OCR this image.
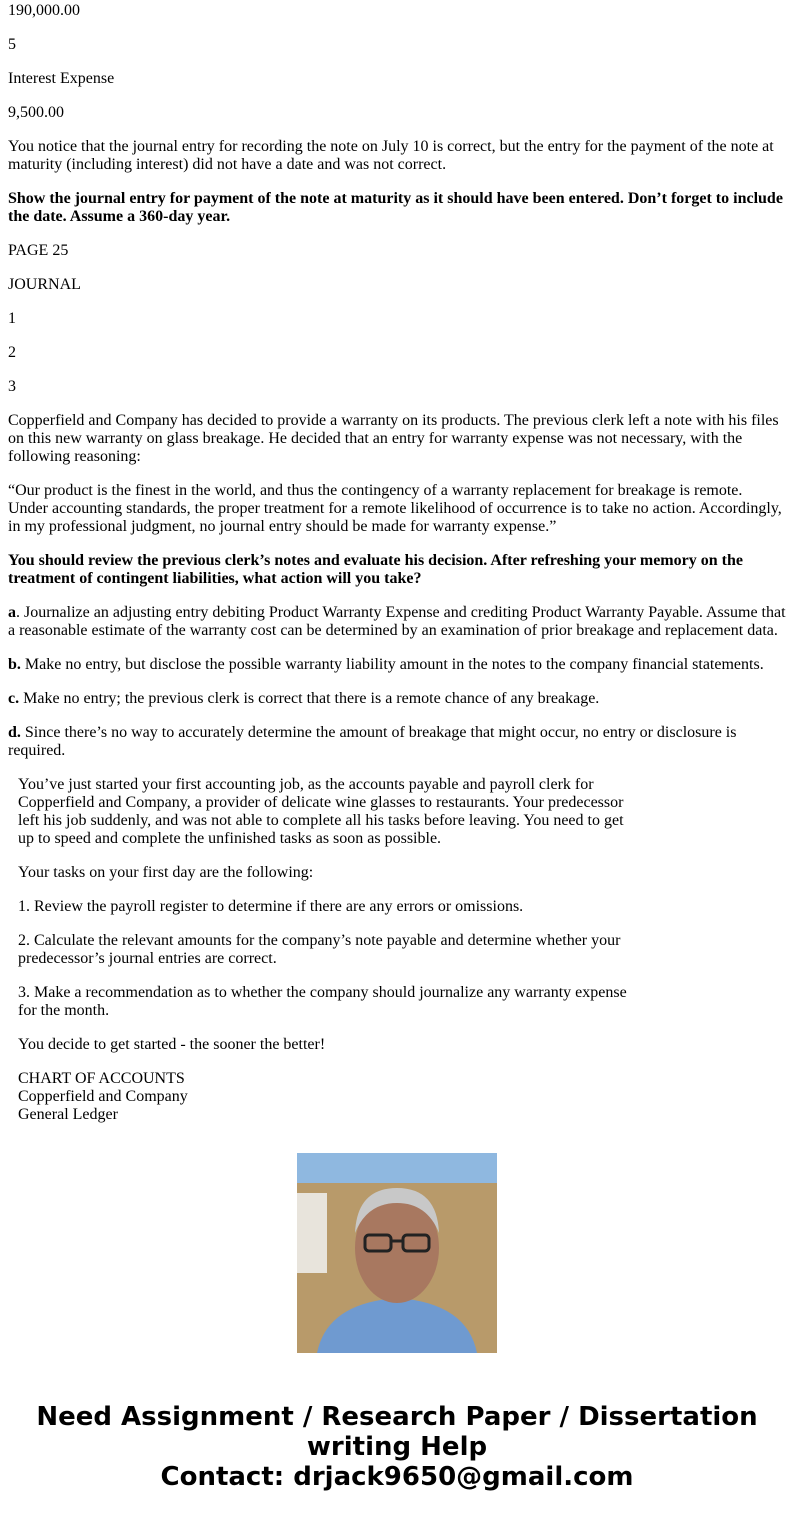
190,000.00

5

Interest Expense

9,500.00

You notice that the journal entry for recording the note on July 10 is correct, but the entry for the payment of the note at maturity (including interest) did not have a date and was not correct.

Show the journal entry for payment of the note at maturity as it should have been entered. Don’t forget to include the date. Assume a 360-day year.

PAGE 25

JOURNAL

1

2

3

Copperfield and Company has decided to provide a warranty on its products. The previous clerk left a note with his files on this new warranty on glass breakage. He decided that an entry for warranty expense was not necessary, with the following reasoning:

“Our product is the finest in the world, and thus the contingency of a warranty replacement for breakage is remote. Under accounting standards, the proper treatment for a remote likelihood of occurrence is to take no action. Accordingly, in my professional judgment, no journal entry should be made for warranty expense.”

You should review the previous clerk’s notes and evaluate his decision. After refreshing your memory on the treatment of contingent liabilities, what action will you take?

a. Journalize an adjusting entry debiting Product Warranty Expense and crediting Product Warranty Payable. Assume that a reasonable estimate of the warranty cost can be determined by an examination of prior breakage and replacement data.

b. Make no entry, but disclose the possible warranty liability amount in the notes to the company financial statements.

c. Make no entry; the previous clerk is correct that there is a remote chance of any breakage.

d. Since there’s no way to accurately determine the amount of breakage that might occur, no entry or disclosure is required.

You’ve just started your first accounting job, as the accounts payable and payroll clerk for Copperfield and Company, a provider of delicate wine glasses to restaurants. Your predecessor left his job suddenly, and was not able to complete all his tasks before leaving. You need to get up to speed and complete the unfinished tasks as soon as possible.

Your tasks on your first day are the following:

1. Review the payroll register to determine if there are any errors or omissions.

2. Calculate the relevant amounts for the company’s note payable and determine whether your predecessor’s journal entries are correct.

3. Make a recommendation as to whether the company should journalize any warranty expense for the month.

You decide to get started - the sooner the better!

CHART OF ACCOUNTS
Copperfield and Company
General Ledger

Need Assignment / Research Paper / Dissertation writing Help
Contact: drjack9650@gmail.com
